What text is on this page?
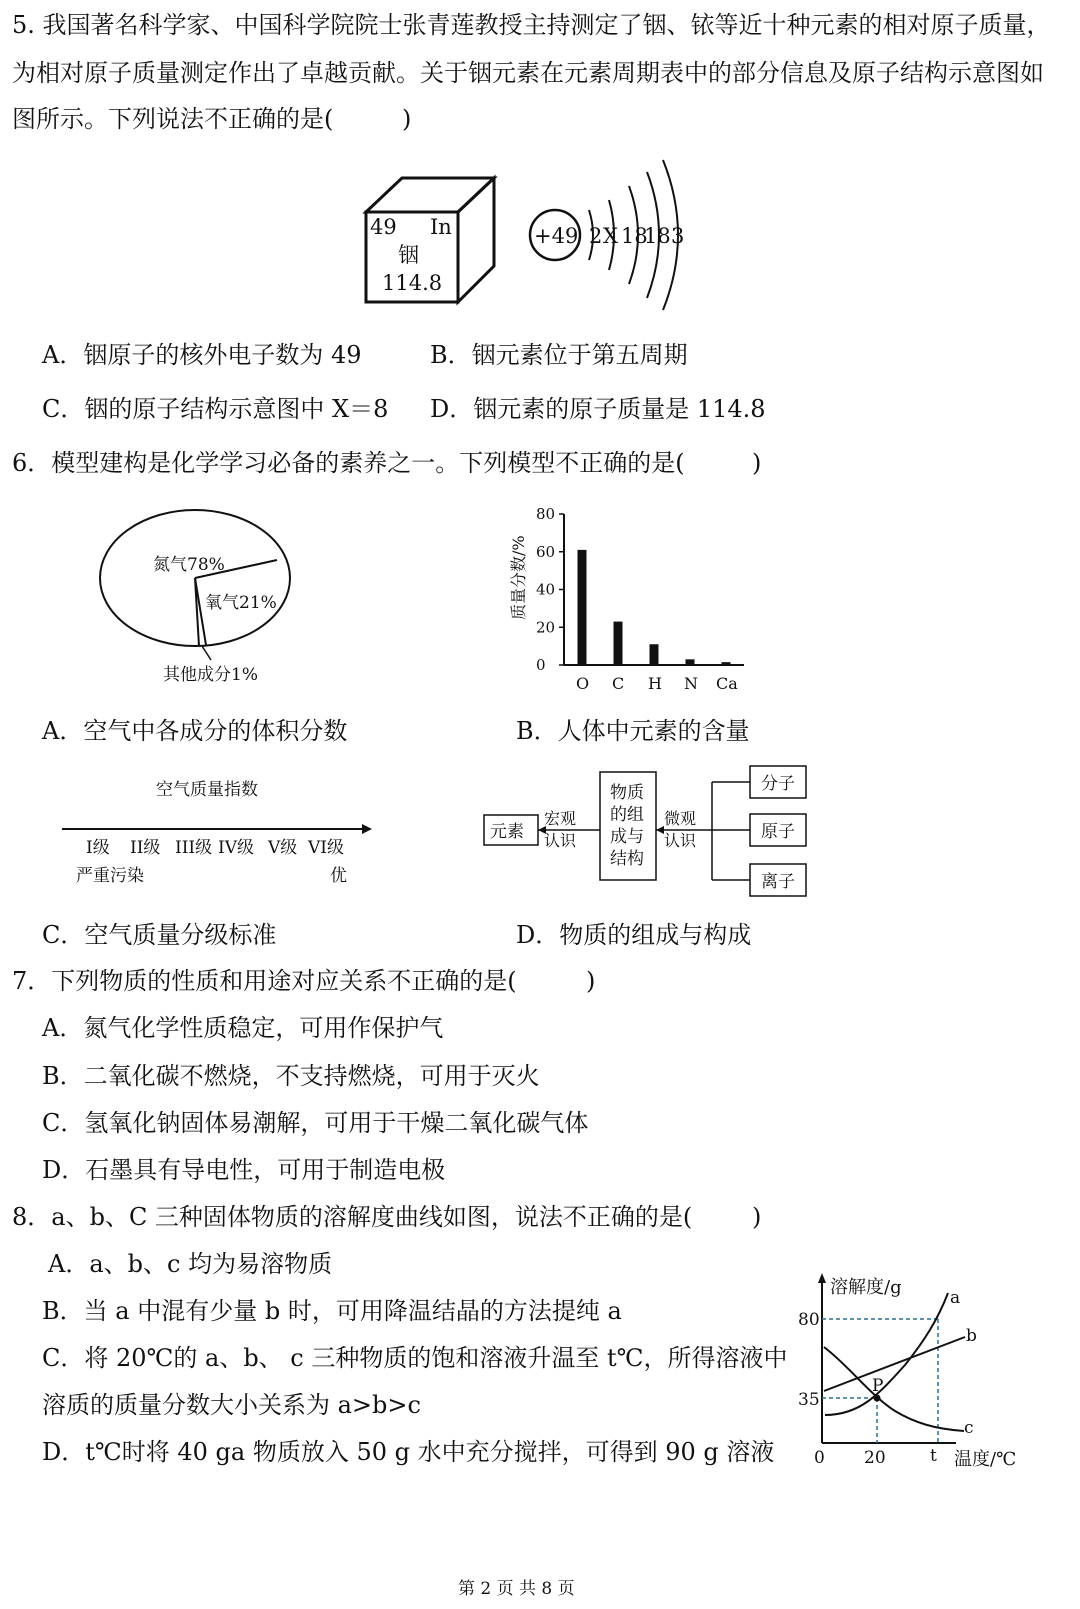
5. 我国著名科学家、中国科学院院士张青莲教授主持测定了铟、铱等近十种元素的相对原子质量，
为相对原子质量测定作出了卓越贡献。关于铟元素在元素周期表中的部分信息及原子结构示意图如
图所示。下列说法不正确的是(	)
49 In
铟
114.8
+49 2 X 18
18 3
A．铟原子的核外电子数为 49	B．铟元素位于第五周期
C．铟的原子结构示意图中 X＝8 D．铟元素的原子质量是 114.8
6．模型建构是化学学习必备的素养之一。下列模型不正确的是(	)
氮气78%
氧气21%
其他成分1%
质量分数/%
80
60
40
20
0
O C H N Ca
A．空气中各成分的体积分数	B．人体中元素的含量
空气质量指数
I级 II级 III级 IV级 V级 VI级
严重污染	优
元素
宏观
认识
物质
的组
成与
结构
微观
认识
分子
原子
离子
C．空气质量分级标准	D．物质的组成与构成
7．下列物质的性质和用途对应关系不正确的是(	)
A．氮气化学性质稳定，可用作保护气
B．二氧化碳不燃烧，不支持燃烧，可用于灭火
C．氢氧化钠固体易潮解，可用于干燥二氧化碳气体
D．石墨具有导电性，可用于制造电极
8．a、b、C 三种固体物质的溶解度曲线如图，说法不正确的是( )
A．a、b、c 均为易溶物质
B．当 a 中混有少量 b 时，可用降温结晶的方法提纯 a
C．将 20℃的 a、b、 c 三种物质的饱和溶液升温至 t℃，所得溶液中
溶质的质量分数大小关系为 a>b>c
D．t℃时将 40 ga 物质放入 50 g 水中充分搅拌，可得到 90 g 溶液
溶解度/g
温度/℃
80
35
0 20	t
P
a
b
c
第 2 页 共 8 页
